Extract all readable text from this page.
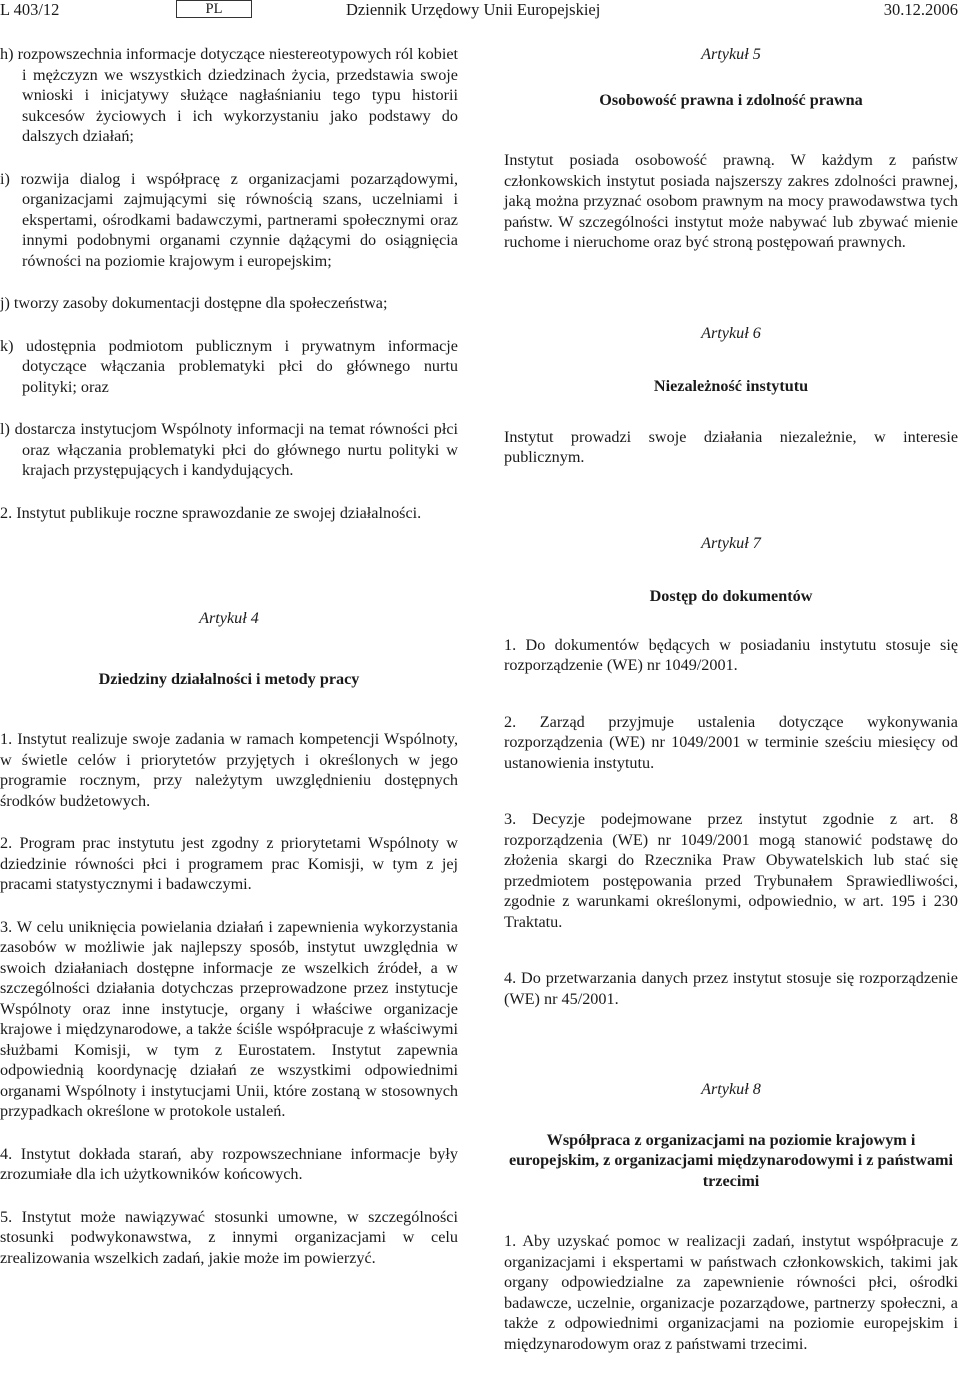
L 403/12	PL	Dziennik Urzędowy Unii Europejskiej	30.12.2006

h) rozpowszechnia informacje dotyczące niestereotypowych ról kobiet i mężczyzn we wszystkich dziedzinach życia, przedstawia swoje wnioski i inicjatywy służące nagłaśnianiu tego typu historii sukcesów życiowych i ich wykorzystaniu jako podstawy do dalszych działań;

i) rozwija dialog i współpracę z organizacjami pozarządowymi, organizacjami zajmującymi się równością szans, uczelniami i ekspertami, ośrodkami badawczymi, partnerami społecznymi oraz innymi podobnymi organami czynnie dążącymi do osiągnięcia równości na poziomie krajowym i europejskim;

j) tworzy zasoby dokumentacji dostępne dla społeczeństwa;

k) udostępnia podmiotom publicznym i prywatnym informacje dotyczące włączania problematyki płci do głównego nurtu polityki; oraz

l) dostarcza instytucjom Wspólnoty informacji na temat równości płci oraz włączania problematyki płci do głównego nurtu polityki w krajach przystępujących i kandydujących.

2. Instytut publikuje roczne sprawozdanie ze swojej działalności.

Artykuł 4

Dziedziny działalności i metody pracy

1. Instytut realizuje swoje zadania w ramach kompetencji Wspólnoty, w świetle celów i priorytetów przyjętych i określonych w jego programie rocznym, przy należytym uwzględnieniu dostępnych środków budżetowych.

2. Program prac instytutu jest zgodny z priorytetami Wspólnoty w dziedzinie równości płci i programem prac Komisji, w tym z jej pracami statystycznymi i badawczymi.

3. W celu uniknięcia powielania działań i zapewnienia wykorzystania zasobów w możliwie jak najlepszy sposób, instytut uwzględnia w swoich działaniach dostępne informacje ze wszelkich źródeł, a w szczególności działania dotychczas przeprowadzone przez instytucje Wspólnoty oraz inne instytucje, organy i właściwe organizacje krajowe i międzynarodowe, a także ściśle współpracuje z właściwymi służbami Komisji, w tym z Eurostatem. Instytut zapewnia odpowiednią koordynację działań ze wszystkimi odpowiednimi organami Wspólnoty i instytucjami Unii, które zostaną w stosownych przypadkach określone w protokole ustaleń.

4. Instytut dokłada starań, aby rozpowszechniane informacje były zrozumiałe dla ich użytkowników końcowych.

5. Instytut może nawiązywać stosunki umowne, w szczególności stosunki podwykonawstwa, z innymi organizacjami w celu zrealizowania wszelkich zadań, jakie może im powierzyć.

Artykuł 5

Osobowość prawna i zdolność prawna

Instytut posiada osobowość prawną. W każdym z państw członkowskich instytut posiada najszerszy zakres zdolności prawnej, jaką można przyznać osobom prawnym na mocy prawodawstwa tych państw. W szczególności instytut może nabywać lub zbywać mienie ruchome i nieruchome oraz być stroną postępowań prawnych.

Artykuł 6

Niezależność instytutu

Instytut prowadzi swoje działania niezależnie, w interesie publicznym.

Artykuł 7

Dostęp do dokumentów

1. Do dokumentów będących w posiadaniu instytutu stosuje się rozporządzenie (WE) nr 1049/2001.

2. Zarząd przyjmuje ustalenia dotyczące wykonywania rozporządzenia (WE) nr 1049/2001 w terminie sześciu miesięcy od ustanowienia instytutu.

3. Decyzje podejmowane przez instytut zgodnie z art. 8 rozporządzenia (WE) nr 1049/2001 mogą stanowić podstawę do złożenia skargi do Rzecznika Praw Obywatelskich lub stać się przedmiotem postępowania przed Trybunałem Sprawiedliwości, zgodnie z warunkami określonymi, odpowiednio, w art. 195 i 230 Traktatu.

4. Do przetwarzania danych przez instytut stosuje się rozporządzenie (WE) nr 45/2001.

Artykuł 8

Współpraca z organizacjami na poziomie krajowym i europejskim, z organizacjami międzynarodowymi i z państwami trzecimi

1. Aby uzyskać pomoc w realizacji zadań, instytut współpracuje z organizacjami i ekspertami w państwach członkowskich, takimi jak organy odpowiedzialne za zapewnienie równości płci, ośrodki badawcze, uczelnie, organizacje pozarządowe, partnerzy społeczni, a także z odpowiednimi organizacjami na poziomie europejskim i międzynarodowym oraz z państwami trzecimi.
